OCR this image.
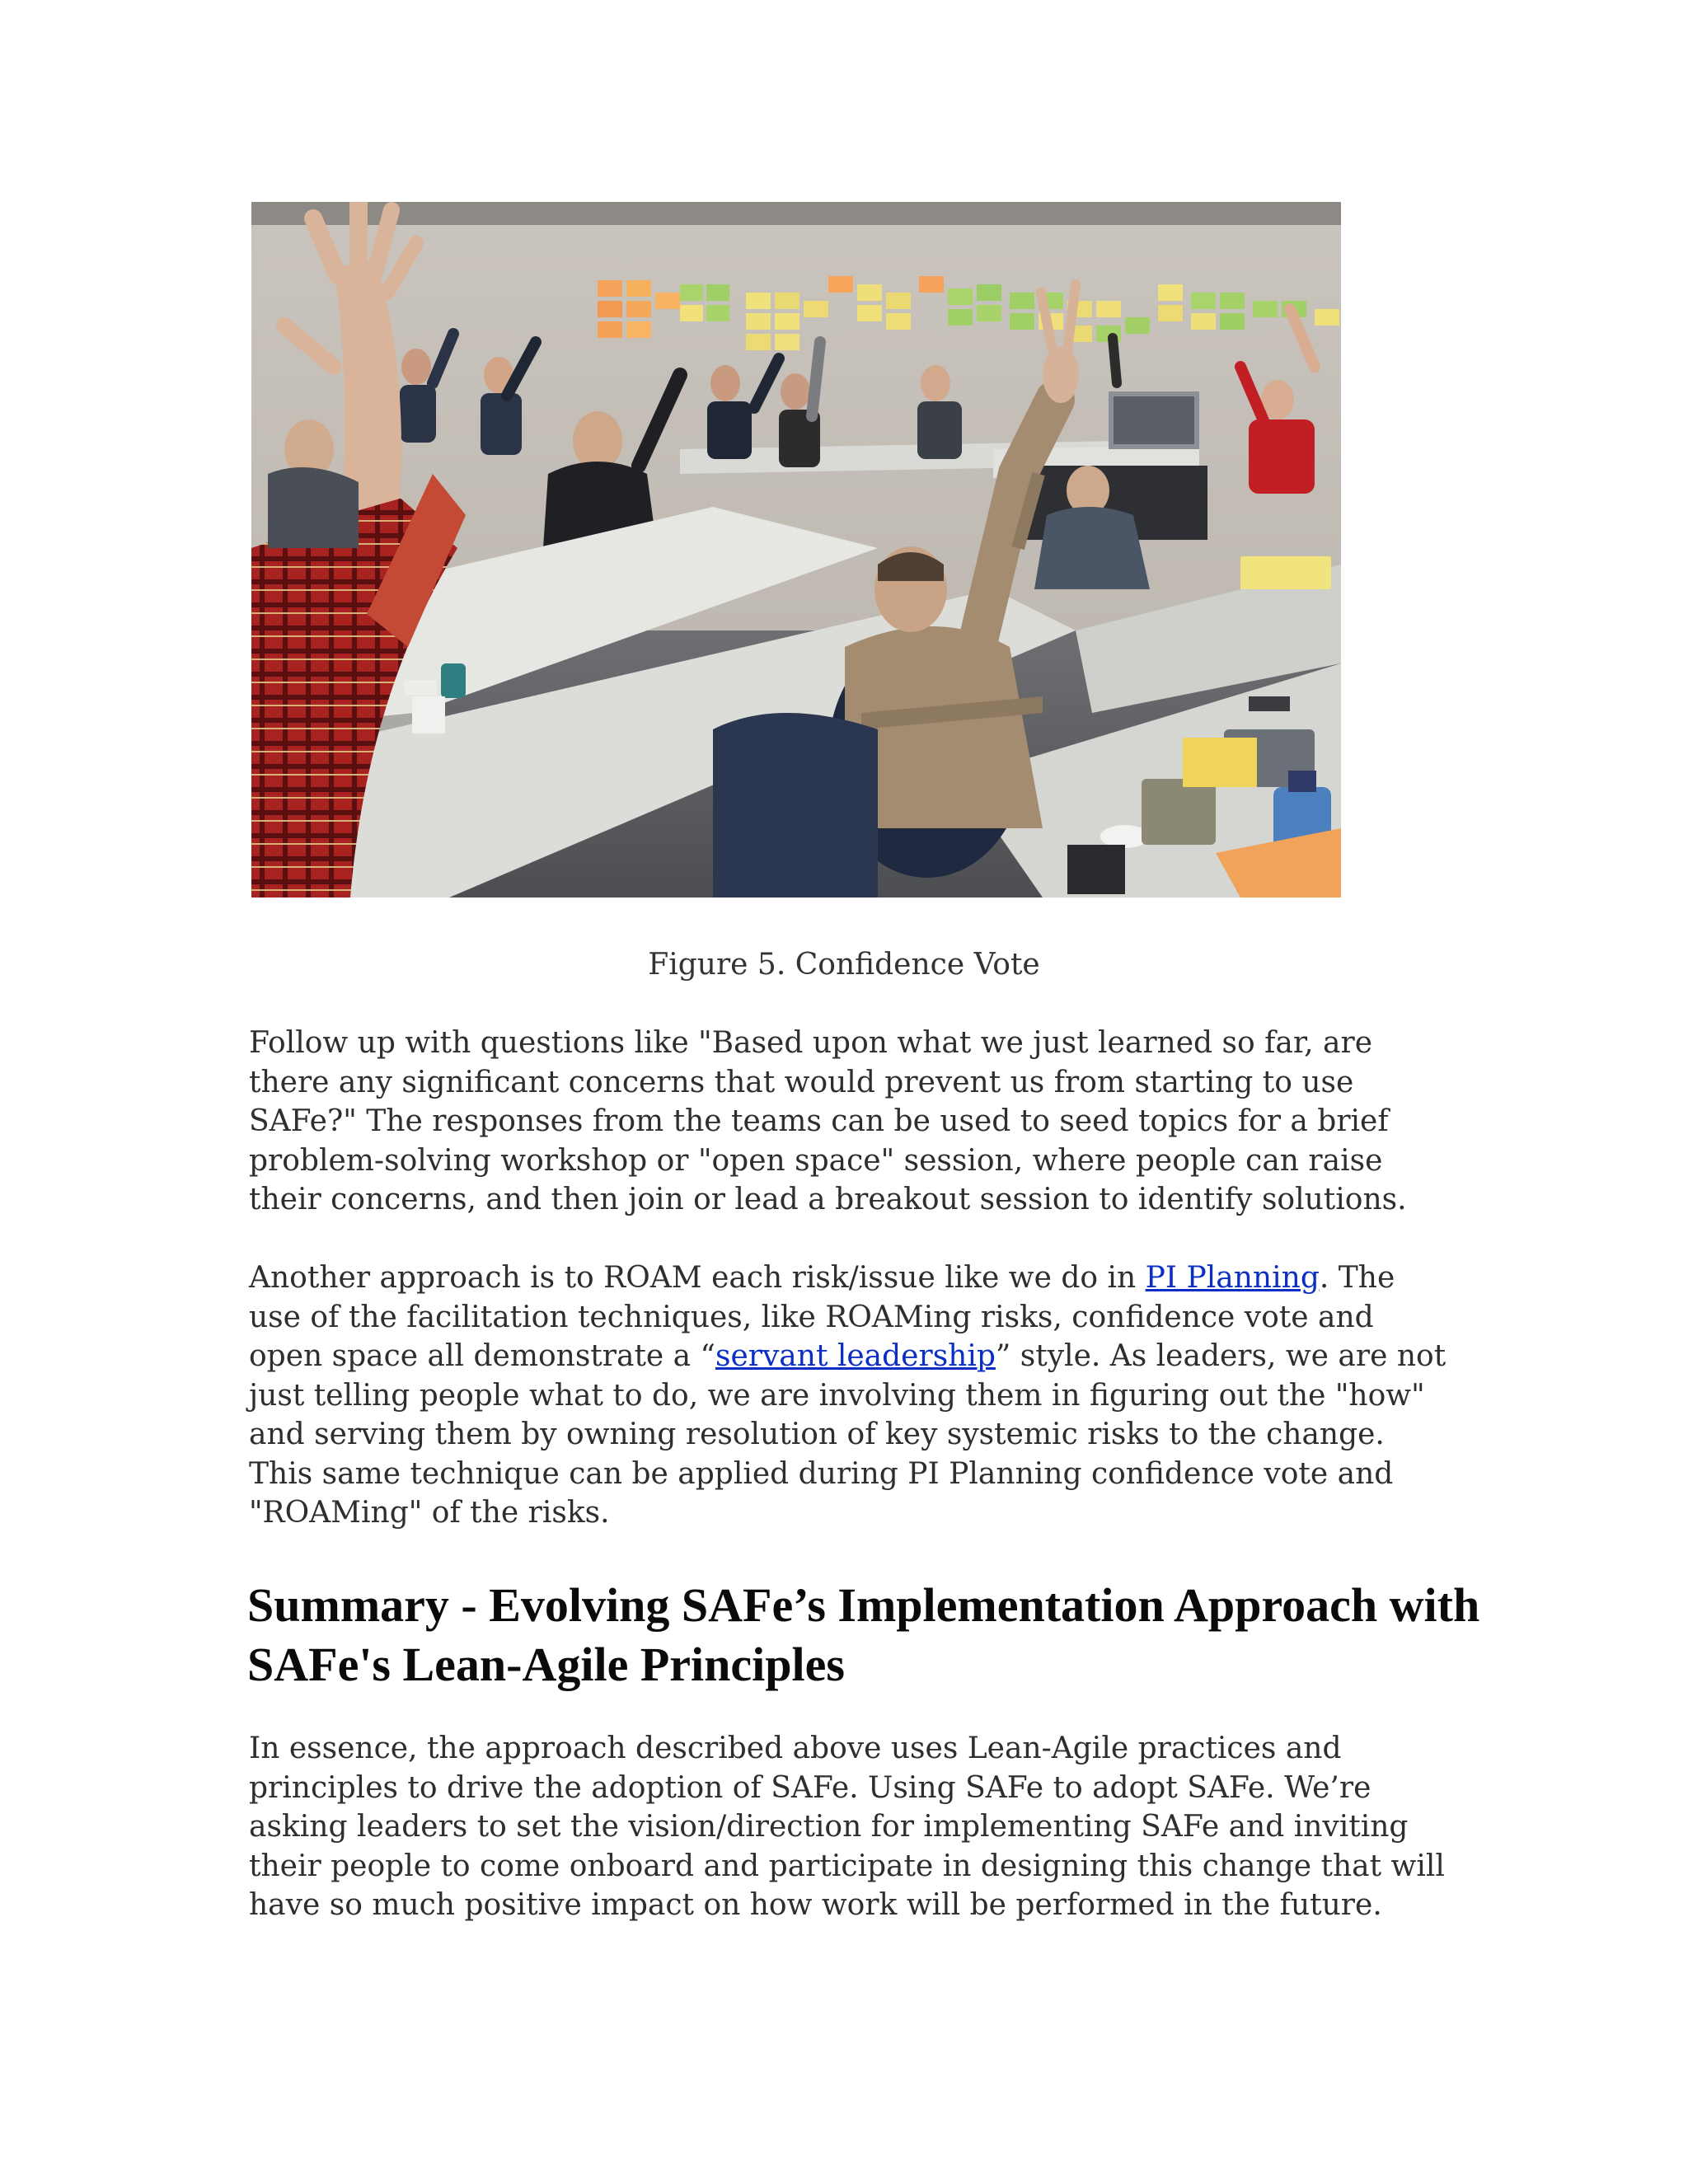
Figure 5. Confidence Vote

Follow up with questions like "Based upon what we just learned so far, are there any significant concerns that would prevent us from starting to use SAFe?" The responses from the teams can be used to seed topics for a brief problem-solving workshop or "open space" session, where people can raise their concerns, and then join or lead a breakout session to identify solutions.

Another approach is to ROAM each risk/issue like we do in PI Planning. The use of the facilitation techniques, like ROAMing risks, confidence vote and open space all demonstrate a “servant leadership” style. As leaders, we are not just telling people what to do, we are involving them in figuring out the "how" and serving them by owning resolution of key systemic risks to the change. This same technique can be applied during PI Planning confidence vote and "ROAMing" of the risks.

Summary - Evolving SAFe’s Implementation Approach with SAFe's Lean-Agile Principles

In essence, the approach described above uses Lean-Agile practices and principles to drive the adoption of SAFe. Using SAFe to adopt SAFe. We’re asking leaders to set the vision/direction for implementing SAFe and inviting their people to come onboard and participate in designing this change that will have so much positive impact on how work will be performed in the future.
